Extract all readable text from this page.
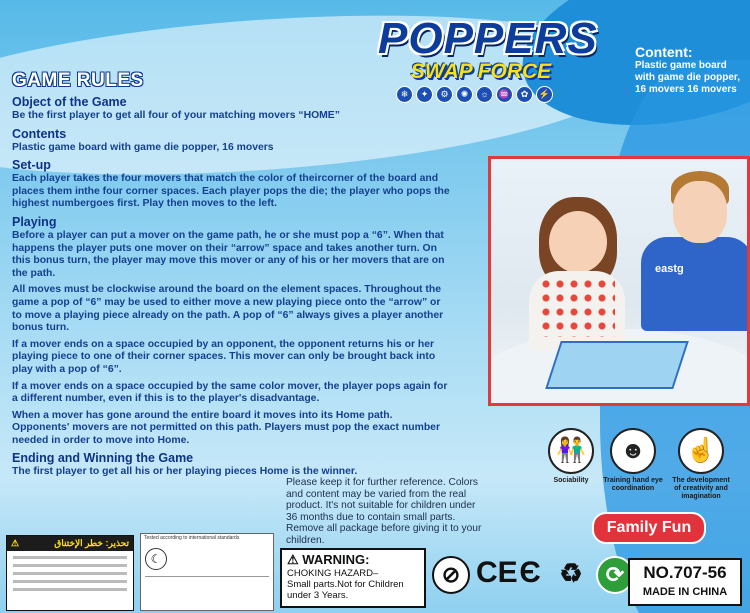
POPPERS
SWAP FORCE
❄	✦	⚙	✺	☼	♒	✿	⚡
Content:
Plastic game board with game die popper, 16 movers 16 movers
GAME RULES
Object of the Game

Be the first player to get all four of your matching movers “HOME”

Contents

Plastic game board with game die popper, 16 movers

Set-up

Each player takes the four movers that match the color of theircorner of the board and places them inthe four corner spaces. Each player pops the die; the player who pops the highest numbergoes first. Play then moves to the left.

Playing

Before a player can put a mover on the game path, he or she must pop a “6”. When that happens the player puts one mover on their “arrow” space and takes another turn. On this bonus turn, the player may move this mover or any of his or her movers that are on the path.

All moves must be clockwise around the board on the element spaces. Throughout the game a pop of “6” may be used to either move a new playing piece onto the “arrow” or to move a playing piece already on the path. A pop of “6” always gives a player another bonus turn.

If a mover ends on a space occupied by an opponent, the opponent returns his or her playing piece to one of their corner spaces. This mover can only be brought back into play with a pop of “6”.

If a mover ends on a space occupied by the same color mover, the player pops again for a different number, even if this is to the player's disadvantage.

When a mover has gone around the entire board it moves into its Home path. Opponents' movers are not permitted on this path. Players must pop the exact number needed in order to move into Home.

Ending and Winning the Game

The first player to get all his or her playing pieces Home is the winner.

eastg
👫
Sociability
☻
Training hand eye coordination
☝
The development of creativity and imagination
Family Fun
Please keep it for further reference. Colors and content may be varied from the real product. It's not suitable for children under 36 months due to contain small parts. Remove all package before giving it to your children.
⚠	تحذير: خطر الإختناق	Tested according to international standards
☾	⚠ WARNING:
CHOKING HAZARD–
Small parts.Not for Children
under 3 Years.
⊘ CE Є ♻	⟳	NO.707-56
MADE IN CHINA
